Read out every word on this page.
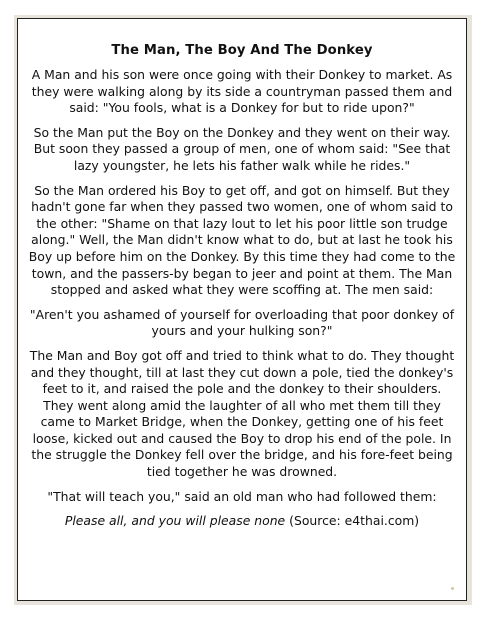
The Man, The Boy And The Donkey

A Man and his son were once going with their Donkey to market. As they were walking along by its side a countryman passed them and said: "You fools, what is a Donkey for but to ride upon?"

So the Man put the Boy on the Donkey and they went on their way. But soon they passed a group of men, one of whom said: "See that lazy youngster, he lets his father walk while he rides."

So the Man ordered his Boy to get off, and got on himself. But they hadn't gone far when they passed two women, one of whom said to the other: "Shame on that lazy lout to let his poor little son trudge along." Well, the Man didn't know what to do, but at last he took his Boy up before him on the Donkey. By this time they had come to the town, and the passers-by began to jeer and point at them. The Man stopped and asked what they were scoffing at. The men said:

"Aren't you ashamed of yourself for overloading that poor donkey of yours and your hulking son?"

The Man and Boy got off and tried to think what to do. They thought and they thought, till at last they cut down a pole, tied the donkey's feet to it, and raised the pole and the donkey to their shoulders. They went along amid the laughter of all who met them till they came to Market Bridge, when the Donkey, getting one of his feet loose, kicked out and caused the Boy to drop his end of the pole. In the struggle the Donkey fell over the bridge, and his fore-feet being tied together he was drowned.

"That will teach you," said an old man who had followed them:

Please all, and you will please none (Source: e4thai.com)
